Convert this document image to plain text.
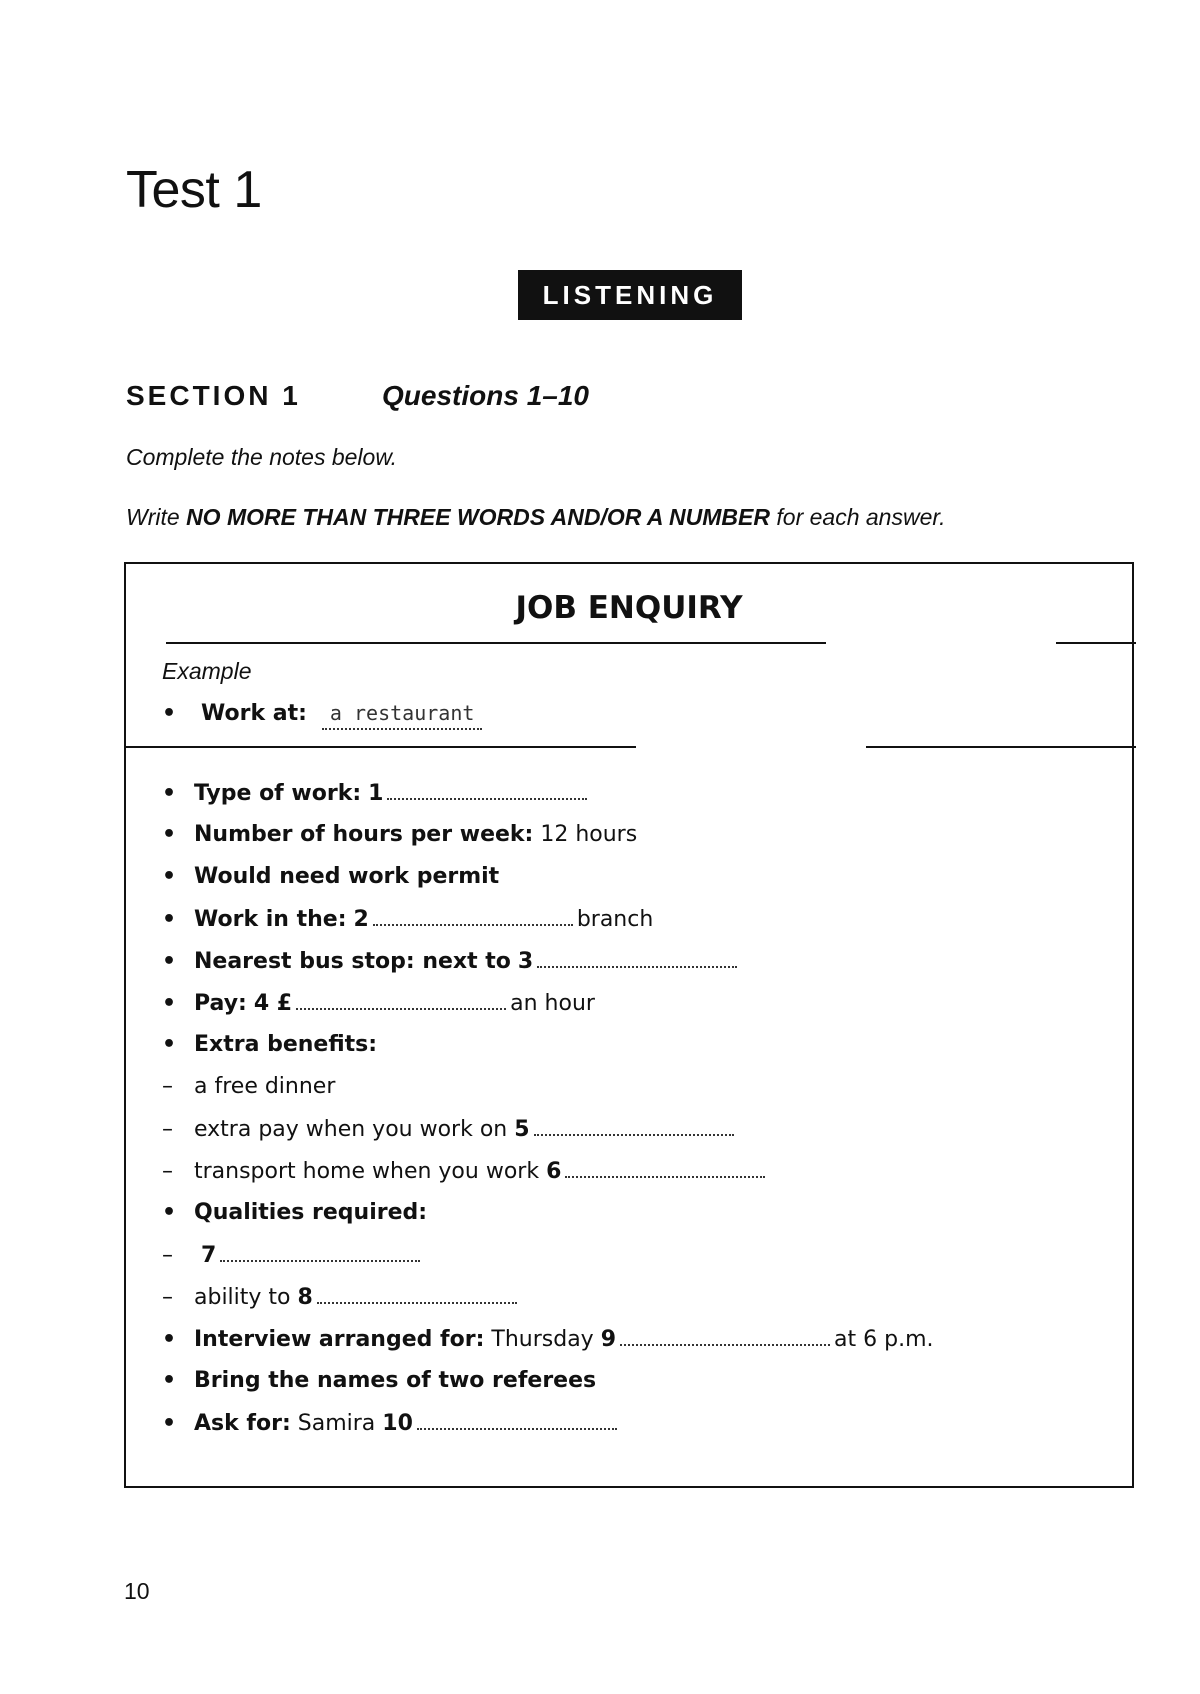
Test 1
LISTENING
SECTION 1	Questions 1–10
Complete the notes below.
Write NO MORE THAN THREE WORDS AND/OR A NUMBER for each answer.
JOB ENQUIRY
Example
• Work at: a restaurant
• Type of work: 1
• Number of hours per week: 12 hours
• Would need work permit
• Work in the: 2	branch
• Nearest bus stop: next to 3
• Pay: 4 £	an hour
• Extra benefits:
– a free dinner
– extra pay when you work on 5
– transport home when you work 6
• Qualities required:
– 7
– ability to 8
• Interview arranged for: Thursday 9	at 6 p.m.
• Bring the names of two referees
• Ask for: Samira 10
10
